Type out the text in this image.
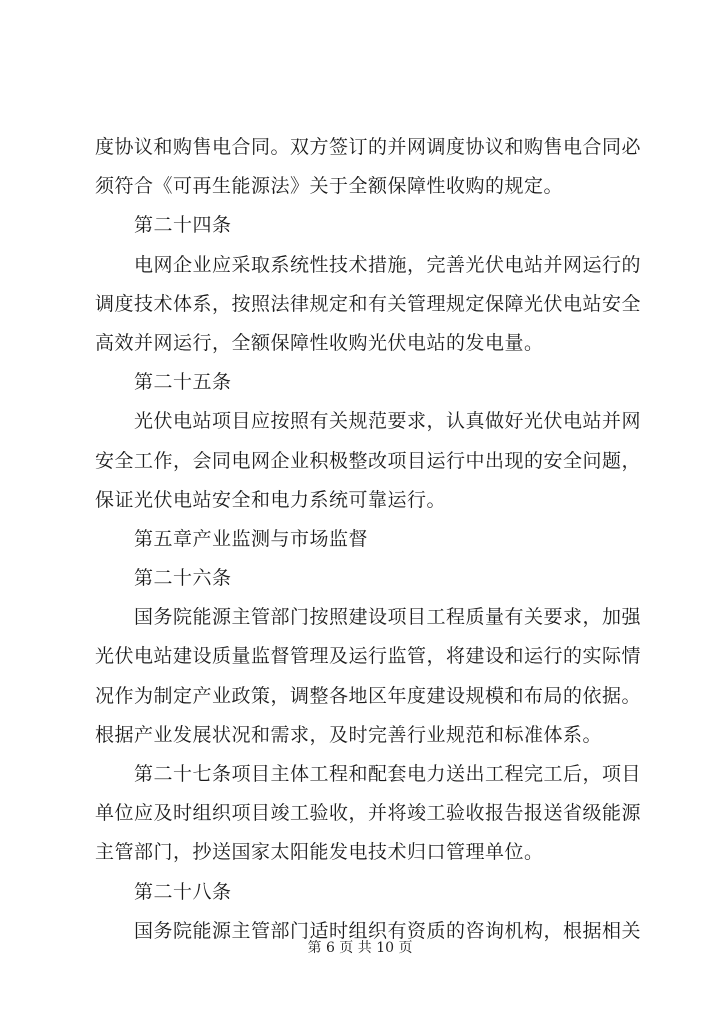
度协议和购售电合同。双方签订的并网调度协议和购售电合同必
须符合《可再生能源法》关于全额保障性收购的规定。
第二十四条
电网企业应采取系统性技术措施，完善光伏电站并网运行的
调度技术体系，按照法律规定和有关管理规定保障光伏电站安全
高效并网运行，全额保障性收购光伏电站的发电量。
第二十五条
光伏电站项目应按照有关规范要求，认真做好光伏电站并网
安全工作，会同电网企业积极整改项目运行中出现的安全问题，
保证光伏电站安全和电力系统可靠运行。
第五章产业监测与市场监督
第二十六条
国务院能源主管部门按照建设项目工程质量有关要求，加强
光伏电站建设质量监督管理及运行监管，将建设和运行的实际情
况作为制定产业政策，调整各地区年度建设规模和布局的依据。
根据产业发展状况和需求，及时完善行业规范和标准体系。
第二十七条项目主体工程和配套电力送出工程完工后，项目
单位应及时组织项目竣工验收，并将竣工验收报告报送省级能源
主管部门，抄送国家太阳能发电技术归口管理单位。
第二十八条
国务院能源主管部门适时组织有资质的咨询机构，根据相关
第 6 页 共 10 页
